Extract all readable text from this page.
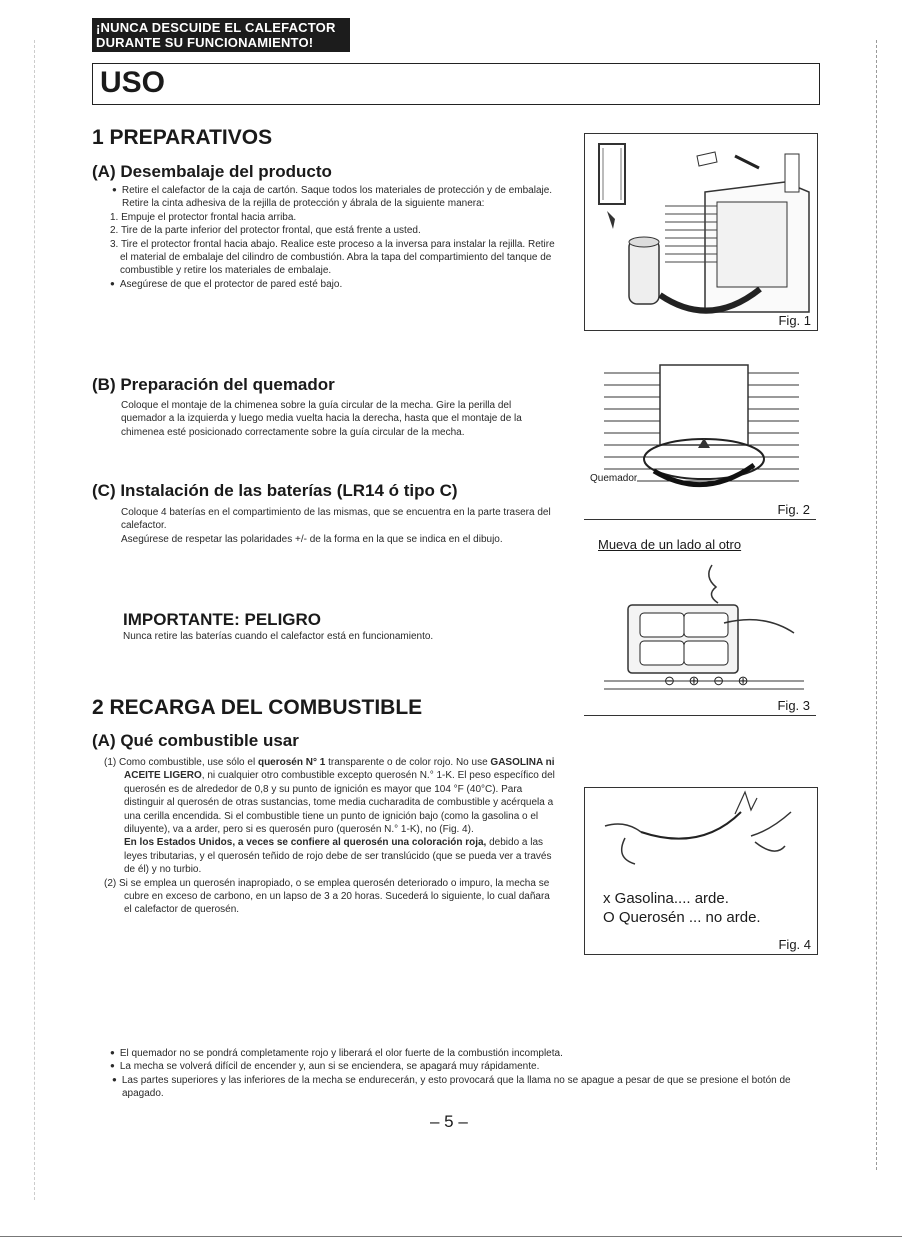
¡NUNCA DESCUIDE EL CALEFACTOR
DURANTE SU FUNCIONAMIENTO!
USO
1 PREPARATIVOS
(A) Desembalaje del producto

● Retire el calefactor de la caja de cartón. Saque todos los materiales de protección y de embalaje. Retire la cinta adhesiva de la rejilla de protección y ábrala de la siguiente manera:

1. Empuje el protector frontal hacia arriba.

2. Tire de la parte inferior del protector frontal, que está frente a usted.

3. Tire el protector frontal hacia abajo. Realice este proceso a la inversa para instalar la rejilla. Retire el material de embalaje del cilindro de combustión. Abra la tapa del compartimiento del tanque de combustible y retire los materiales de embalaje.

● Asegúrese de que el protector de pared esté bajo.

(B) Preparación del quemador
Coloque el montaje de la chimenea sobre la guía circular de la mecha. Gire la perilla del quemador a la izquierda y luego media vuelta hacia la derecha, hasta que el montaje de la chimenea esté posicionado correctamente sobre la guía circular de la mecha.
(C) Instalación de las baterías (LR14 ó tipo C)

Coloque 4 baterías en el compartimiento de las mismas, que se encuentra en la parte trasera del calefactor.

Asegúrese de respetar las polaridades +/- de la forma en la que se indica en el dibujo.

IMPORTANTE: PELIGRO
Nunca retire las baterías cuando el calefactor está en funcionamiento.
2 RECARGA DEL COMBUSTIBLE
(A) Qué combustible usar

(1) Como combustible, use sólo el querosén N° 1 transparente o de color rojo. No use GASOLINA ni ACEITE LIGERO, ni cualquier otro combustible excepto querosén N.° 1-K. El peso específico del querosén es de alrededor de 0,8 y su punto de ignición es mayor que 104 °F (40°C). Para distinguir al querosén de otras sustancias, tome media cucharadita de combustible y acérquela a una cerilla encendida. Si el combustible tiene un punto de ignición bajo (como la gasolina o el diluyente), va a arder, pero si es querosén puro (querosén N.° 1-K), no (Fig. 4).
En los Estados Unidos, a veces se confiere al querosén una coloración roja, debido a las leyes tributarias, y el querosén teñido de rojo debe de ser translúcido (que se pueda ver a través de él) y no turbio.

(2) Si se emplea un querosén inapropiado, o se emplea querosén deteriorado o impuro, la mecha se cubre en exceso de carbono, en un lapso de 3 a 20 horas. Sucederá lo siguiente, lo cual dañara el calefactor de querosén.

● El quemador no se pondrá completamente rojo y liberará el olor fuerte de la combustión incompleta.

● La mecha se volverá difícil de encender y, aun si se enciendera, se apagará muy rápidamente.

● Las partes superiores y las inferiores de la mecha se endurecerán, y esto provocará que la llama no se apague a pesar de que se presione el botón de apagado.

– 5 –
Fig. 1
Quemador
Fig. 2
Mueva de un lado al otro
⊖ ⊕ ⊖ ⊕
Fig. 3
x Gasolina.... arde.
O Querosén ... no arde.
Fig. 4
